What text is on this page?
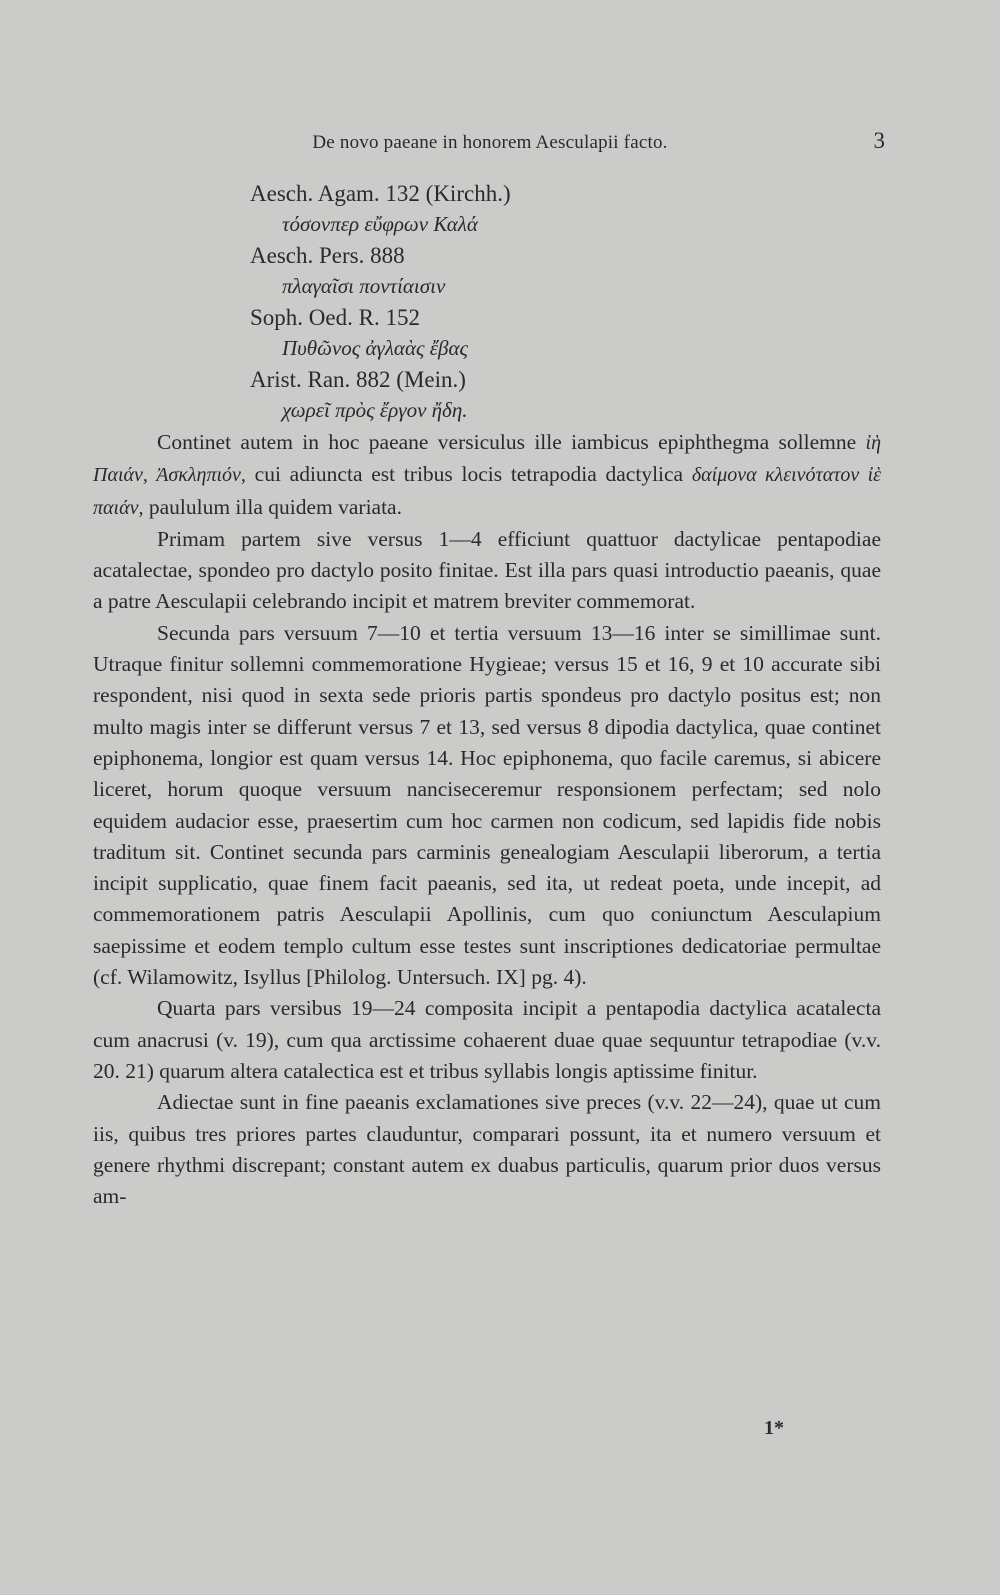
De novo paeane in honorem Aesculapii facto.	3
Aesch. Agam. 132 (Kirchh.)
τόσονπερ εὔφρων Καλά
Aesch. Pers. 888
πλαγαῖσι ποντίαισιν
Soph. Oed. R. 152
Πυθῶνος ἀγλαὰς ἔβας
Arist. Ran. 882 (Mein.)
χωρεῖ πρὸς ἔργον ἤδη.

Continet autem in hoc paeane versiculus ille iambicus epiphthegma sollemne ἰὴ Παιάν, Ἀσκληπιόν, cui adiuncta est tribus locis tetrapodia dactylica δαίμονα κλεινότατον ἰὲ παιάν, paululum illa quidem variata.

Primam partem sive versus 1—4 efficiunt quattuor dactylicae pentapodiae acatalectae, spondeo pro dactylo posito finitae. Est illa pars quasi introductio paeanis, quae a patre Aesculapii celebrando incipit et matrem breviter commemorat.

Secunda pars versuum 7—10 et tertia versuum 13—16 inter se simillimae sunt. Utraque finitur sollemni commemoratione Hygieae; versus 15 et 16, 9 et 10 accurate sibi respondent, nisi quod in sexta sede prioris partis spondeus pro dactylo positus est; non multo magis inter se differunt versus 7 et 13, sed versus 8 dipodia dactylica, quae continet epiphonema, longior est quam versus 14. Hoc epiphonema, quo facile caremus, si abicere liceret, horum quoque versuum nanciseceremur responsionem perfectam; sed nolo equidem audacior esse, praesertim cum hoc carmen non codicum, sed lapidis fide nobis traditum sit. Continet secunda pars carminis genealogiam Aesculapii liberorum, a tertia incipit supplicatio, quae finem facit paeanis, sed ita, ut redeat poeta, unde incepit, ad commemorationem patris Aesculapii Apollinis, cum quo coniunctum Aesculapium saepissime et eodem templo cultum esse testes sunt inscriptiones dedicatoriae permultae (cf. Wilamowitz, Isyllus [Philolog. Untersuch. IX] pg. 4).

Quarta pars versibus 19—24 composita incipit a pentapodia dactylica acatalecta cum anacrusi (v. 19), cum qua arctissime cohaerent duae quae sequuntur tetrapodiae (v.v. 20. 21) quarum altera catalectica est et tribus syllabis longis aptissime finitur.

Adiectae sunt in fine paeanis exclamationes sive preces (v.v. 22—24), quae ut cum iis, quibus tres priores partes clauduntur, comparari possunt, ita et numero versuum et genere rhythmi discrepant; constant autem ex duabus particulis, quarum prior duos versus am-

1*
